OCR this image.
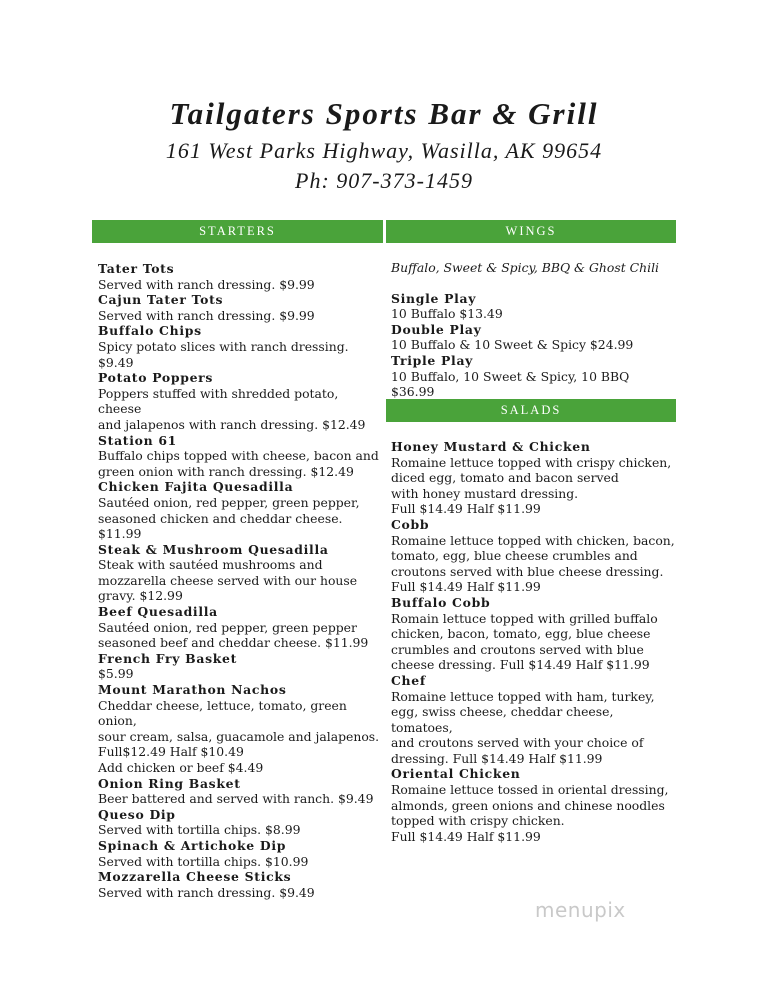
Tailgaters Sports Bar & Grill

161 West Parks Highway, Wasilla, AK 99654

Ph: 907-373-1459

STARTERS	WINGS
SALADS
Tater Tots
Served with ranch dressing. $9.99
Cajun Tater Tots
Served with ranch dressing. $9.99
Buffalo Chips
Spicy potato slices with ranch dressing. $9.49
Potato Poppers
Poppers stuffed with shredded potato, cheese
and jalapenos with ranch dressing. $12.49
Station 61
Buffalo chips topped with cheese, bacon and
green onion with ranch dressing. $12.49
Chicken Fajita Quesadilla
Sautéed onion, red pepper, green pepper,
seasoned chicken and cheddar cheese. $11.99
Steak & Mushroom Quesadilla
Steak with sautéed mushrooms and
mozzarella cheese served with our house
gravy. $12.99
Beef Quesadilla
Sautéed onion, red pepper, green pepper
seasoned beef and cheddar cheese. $11.99
French Fry Basket
$5.99
Mount Marathon Nachos
Cheddar cheese, lettuce, tomato, green onion,
sour cream, salsa, guacamole and jalapenos.
Full$12.49 Half $10.49
Add chicken or beef $4.49
Onion Ring Basket
Beer battered and served with ranch. $9.49
Queso Dip
Served with tortilla chips. $8.99
Spinach & Artichoke Dip
Served with tortilla chips. $10.99
Mozzarella Cheese Sticks
Served with ranch dressing. $9.49
Buffalo, Sweet & Spicy, BBQ & Ghost Chili
Single Play
10 Buffalo $13.49
Double Play
10 Buffalo & 10 Sweet & Spicy $24.99
Triple Play
10 Buffalo, 10 Sweet & Spicy, 10 BBQ $36.99
Honey Mustard & Chicken
Romaine lettuce topped with crispy chicken,
diced egg, tomato and bacon served
with honey mustard dressing.
Full $14.49 Half $11.99
Cobb
Romaine lettuce topped with chicken, bacon,
tomato, egg, blue cheese crumbles and
croutons served with blue cheese dressing.
Full $14.49 Half $11.99
Buffalo Cobb
Romain lettuce topped with grilled buffalo
chicken, bacon, tomato, egg, blue cheese
crumbles and croutons served with blue
cheese dressing. Full $14.49 Half $11.99
Chef
Romaine lettuce topped with ham, turkey,
egg, swiss cheese, cheddar cheese, tomatoes,
and croutons served with your choice of
dressing. Full $14.49 Half $11.99
Oriental Chicken
Romaine lettuce tossed in oriental dressing,
almonds, green onions and chinese noodles
topped with crispy chicken.
Full $14.49 Half $11.99
menupix
